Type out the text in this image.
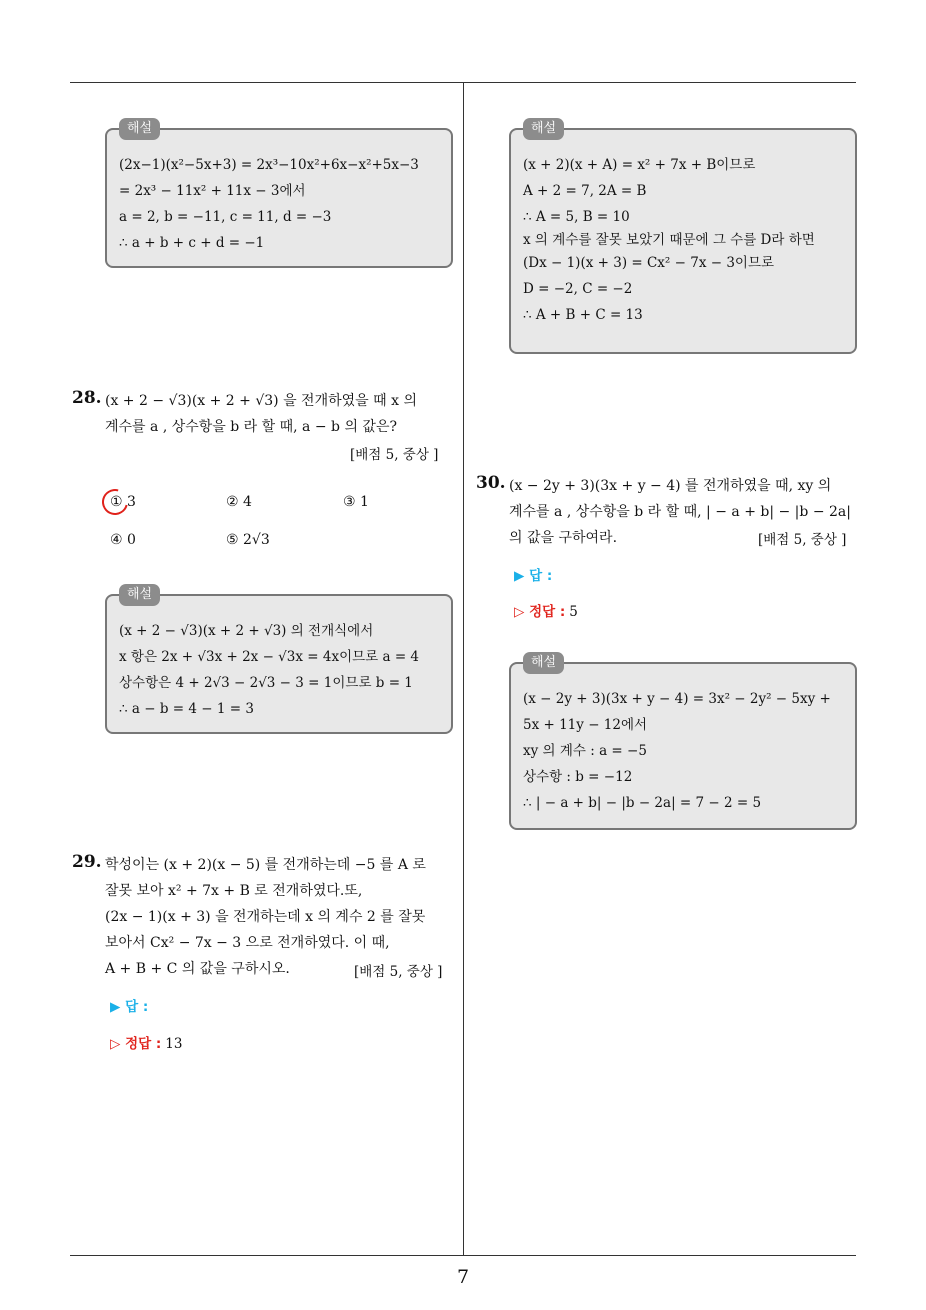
해설
(2x−1)(x²−5x+3) = 2x³−10x²+6x−x²+5x−3
= 2x³ − 11x² + 11x − 3에서
a = 2, b = −11, c = 11, d = −3
∴ a + b + c + d = −1
해설
(x + 2)(x + A) = x² + 7x + B이므로
A + 2 = 7, 2A = B
∴ A = 5, B = 10
x 의 계수를 잘못 보았기 때문에 그 수를 D라 하면
(Dx − 1)(x + 3) = Cx² − 7x − 3이므로
D = −2, C = −2
∴ A + B + C = 13
28. (x + 2 − √3)(x + 2 + √3) 을 전개하였을 때 x 의
계수를 a , 상수항을 b 라 할 때, a − b 의 값은?
[배점 5, 중상 ]
① 3	② 4	③ 1
④ 0	⑤ 2√3
해설
(x + 2 − √3)(x + 2 + √3) 의 전개식에서
x 항은 2x + √3x + 2x − √3x = 4x이므로 a = 4
상수항은 4 + 2√3 − 2√3 − 3 = 1이므로 b = 1
∴ a − b = 4 − 1 = 3
29. 학성이는 (x + 2)(x − 5) 를 전개하는데 −5 를 A 로
잘못 보아 x² + 7x + B 로 전개하였다.또,
(2x − 1)(x + 3) 을 전개하는데 x 의 계수 2 를 잘못
보아서 Cx² − 7x − 3 으로 전개하였다. 이 때,
A + B + C 의 값을 구하시오.	[배점 5, 중상 ]
▶ 답 :
▷ 정답 : 13
30. (x − 2y + 3)(3x + y − 4) 를 전개하였을 때, xy 의
계수를 a , 상수항을 b 라 할 때, | − a + b| − |b − 2a|
의 값을 구하여라.	[배점 5, 중상 ]
▶ 답 :
▷ 정답 : 5
해설
(x − 2y + 3)(3x + y − 4) = 3x² − 2y² − 5xy +
5x + 11y − 12에서
xy 의 계수 : a = −5
상수항 : b = −12
∴ | − a + b| − |b − 2a| = 7 − 2 = 5
7
